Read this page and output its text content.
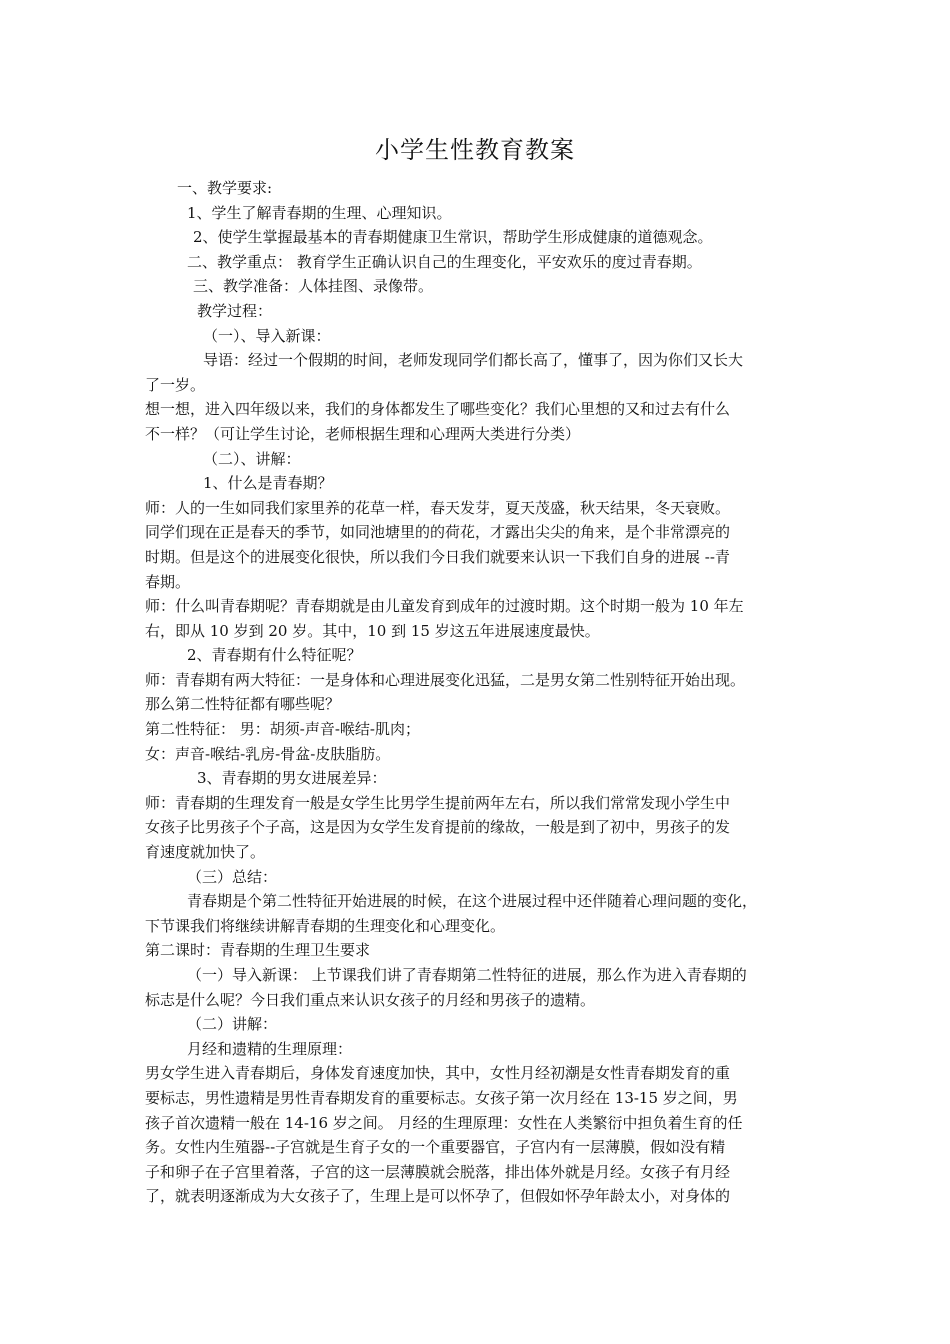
小学生性教育教案
一、教学要求:
1、学生了解青春期的生理、心理知识。
2、使学生掌握最基本的青春期健康卫生常识，帮助学生形成健康的道德观念。
二、教学重点： 教育学生正确认识自己的生理变化，平安欢乐的度过青春期。
三、教学准备：人体挂图、录像带。
教学过程：
（一）、导入新课：
导语：经过一个假期的时间，老师发现同学们都长高了，懂事了，因为你们又长大
了一岁。
想一想，进入四年级以来，我们的身体都发生了哪些变化？我们心里想的又和过去有什么
不一样？（可让学生讨论，老师根据生理和心理两大类进行分类）
（二）、讲解：
1、什么是青春期？
师：人的一生如同我们家里养的花草一样，春天发芽，夏天茂盛，秋天结果，冬天衰败。
同学们现在正是春天的季节，如同池塘里的的荷花，才露出尖尖的角来，是个非常漂亮的
时期。但是这个的进展变化很快，所以我们今日我们就要来认识一下我们自身的进展 --青
春期。
师：什么叫青春期呢？青春期就是由儿童发育到成年的过渡时期。这个时期一般为 10 年左
右，即从 10 岁到 20 岁。其中，10 到 15 岁这五年进展速度最快。
2、青春期有什么特征呢？
师：青春期有两大特征：一是身体和心理进展变化迅猛，二是男女第二性别特征开始出现。
那么第二性特征都有哪些呢？
第二性特征： 男：胡须-声音-喉结-肌肉；
女：声音-喉结-乳房-骨盆-皮肤脂肪。
3、青春期的男女进展差异：
师：青春期的生理发育一般是女学生比男学生提前两年左右，所以我们常常发现小学生中
女孩子比男孩子个子高，这是因为女学生发育提前的缘故，一般是到了初中，男孩子的发
育速度就加快了。
（三）总结：
青春期是个第二性特征开始进展的时候，在这个进展过程中还伴随着心理问题的变化，
下节课我们将继续讲解青春期的生理变化和心理变化。
第二课时：青春期的生理卫生要求
（一）导入新课： 上节课我们讲了青春期第二性特征的进展，那么作为进入青春期的
标志是什么呢？今日我们重点来认识女孩子的月经和男孩子的遗精。
（二）讲解：
月经和遗精的生理原理：
男女学生进入青春期后，身体发育速度加快，其中，女性月经初潮是女性青春期发育的重
要标志，男性遗精是男性青春期发育的重要标志。女孩子第一次月经在 13-15 岁之间，男
孩子首次遗精一般在 14-16 岁之间。 月经的生理原理：女性在人类繁衍中担负着生育的任
务。女性内生殖器--子宫就是生育子女的一个重要器官，子宫内有一层薄膜，假如没有精
子和卵子在子宫里着落，子宫的这一层薄膜就会脱落，排出体外就是月经。女孩子有月经
了，就表明逐渐成为大女孩子了，生理上是可以怀孕了，但假如怀孕年龄太小，对身体的
